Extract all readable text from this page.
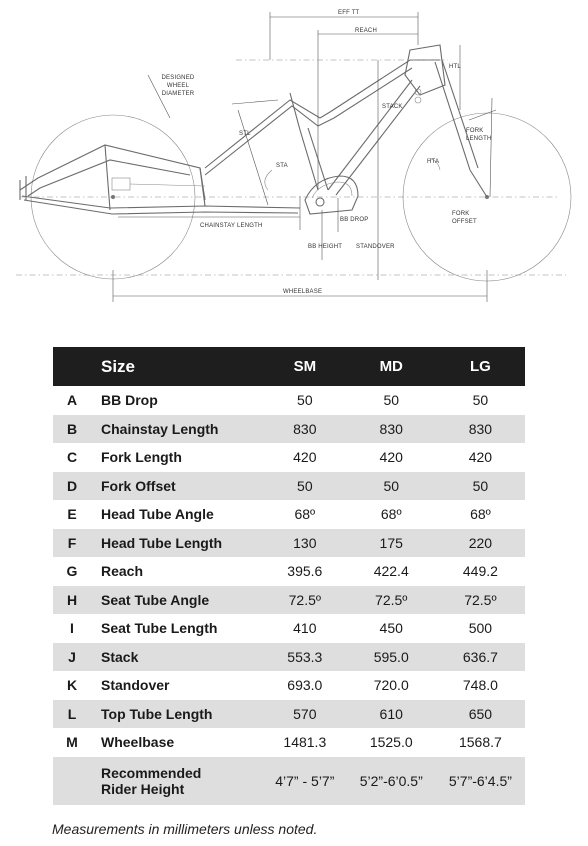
EFF TT
REACH
DESIGNED
WHEEL
DIAMETER
HTL
STACK
STL
STA
FORK
LENGTH
HTA
FORK
OFFSET
CHAINSTAY LENGTH
BB DROP
BB HEIGHT STANDOVER
WHEELBASE
Size		SM	MD	LG
A	BB Drop	50	50	50
B	Chainstay Length	830	830	830
C	Fork Length	420	420	420
D	Fork Offset	50	50	50
E	Head Tube Angle	68º	68º	68º
F	Head Tube Length	130	175	220
G	Reach	395.6	422.4	449.2
H	Seat Tube Angle	72.5º	72.5º	72.5º
I	Seat Tube Length	410	450	500
J	Stack	553.3	595.0	636.7
K	Standover	693.0	720.0	748.0
L	Top Tube Length	570	610	650
M	Wheelbase	1481.3	1525.0	1568.7

	Recommended
Rider Height	4’7” - 5’7”	5’2”-6’0.5”	5’7”-6’4.5”
Measurements in millimeters unless noted.
